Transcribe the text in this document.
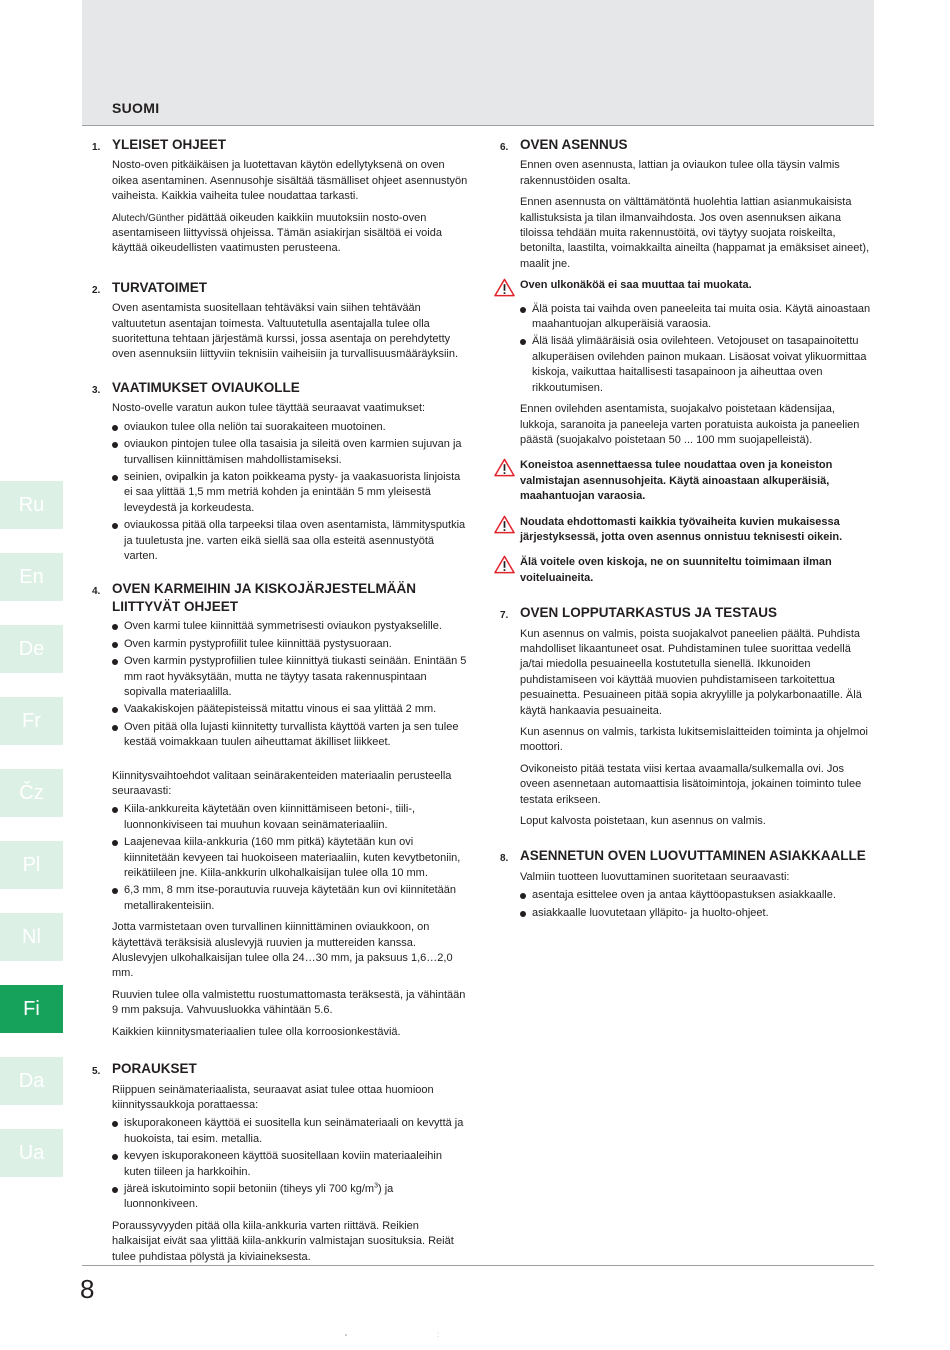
SUOMI
1. YLEISET OHJEET

Nosto-oven pitkäikäisen ja luotettavan käytön edellytyksenä on oven oikea asentaminen. Asennusohje sisältää täsmälliset ohjeet asennustyön vaiheista. Kaikkia vaiheita tulee noudattaa tarkasti.

Alutech/Günther pidättää oikeuden kaikkiin muutoksiin nosto-oven asentamiseen liittyvissä ohjeissa. Tämän asiakirjan sisältöä ei voida käyttää oikeudellisten vaatimusten perusteena.

2. TURVATOIMET

Oven asentamista suositellaan tehtäväksi vain siihen tehtävään valtuutetun asentajan toimesta. Valtuutetulla asentajalla tulee olla suoritettuna tehtaan järjestämä kurssi, jossa asentaja on perehdytetty oven asennuksiin liittyviin teknisiin vaiheisiin ja turvallisuusmääräyksiin.

3. VAATIMUKSET OVIAUKOLLE

Nosto-ovelle varatun aukon tulee täyttää seuraavat vaatimukset:

oviaukon tulee olla neliön tai suorakaiteen muotoinen.
oviaukon pintojen tulee olla tasaisia ja sileitä oven karmien sujuvan ja turvallisen kiinnittämisen mahdollistamiseksi.
seinien, ovipalkin ja katon poikkeama pysty- ja vaakasuorista linjoista ei saa ylittää 1,5 mm metriä kohden ja enintään 5 mm yleisestä leveydestä ja korkeudesta.
oviaukossa pitää olla tarpeeksi tilaa oven asentamista, lämmitysputkia ja tuuletusta jne. varten eikä siellä saa olla esteitä asennustyötä varten.
4. OVEN KARMEIHIN JA KISKOJÄRJESTELMÄÄN LIITTYVÄT OHJEET
Oven karmi tulee kiinnittää symmetrisesti oviaukon pystyakselille.
Oven karmin pystyprofiilit tulee kiinnittää pystysuoraan.
Oven karmin pystyprofiilien tulee kiinnittyä tiukasti seinään. Enintään 5 mm raot hyväksytään, mutta ne täytyy tasata rakennuspintaan sopivalla materiaalilla.
Vaakakiskojen päätepisteissä mitattu vinous ei saa ylittää 2 mm.
Oven pitää olla lujasti kiinnitetty turvallista käyttöä varten ja sen tulee kestää voimakkaan tuulen aiheuttamat äkilliset liikkeet.

Kiinnitysvaihtoehdot valitaan seinärakenteiden materiaalin perusteella seuraavasti:

Kiila-ankkureita käytetään oven kiinnittämiseen betoni-, tiili-, luonnonkiviseen tai muuhun kovaan seinämateriaaliin.
Laajenevaa kiila-ankkuria (160 mm pitkä) käytetään kun ovi kiinnitetään kevyeen tai huokoiseen materiaaliin, kuten kevytbetoniin, reikätiileen jne. Kiila-ankkurin ulkohalkaisijan tulee olla 10 mm.
6,3 mm, 8 mm itse-porautuvia ruuveja käytetään kun ovi kiinnitetään metallirakenteisiin.

Jotta varmistetaan oven turvallinen kiinnittäminen oviaukkoon, on käytettävä teräksisiä aluslevyjä ruuvien ja muttereiden kanssa. Aluslevyjen ulkohalkaisijan tulee olla 24…30 mm, ja paksuus 1,6…2,0 mm.

Ruuvien tulee olla valmistettu ruostumattomasta teräksestä, ja vähintään 9 mm paksuja. Vahvuusluokka vähintään 5.6.

Kaikkien kiinnitysmateriaalien tulee olla korroosionkestäviä.

5. PORAUKSET

Riippuen seinämateriaalista, seuraavat asiat tulee ottaa huomioon kiinnityssaukkoja porattaessa:

iskuporakoneen käyttöä ei suositella kun seinämateriaali on kevyttä ja huokoista, tai esim. metallia.
kevyen iskuporakoneen käyttöä suositellaan koviin materiaaleihin kuten tiileen ja harkkoihin.
järeä iskutoiminto sopii betoniin (tiheys yli 700 $kg/m^3$) ja luonnonkiveen.

Poraussyvyyden pitää olla kiila-ankkuria varten riittävä. Reikien halkaisijat eivät saa ylittää kiila-ankkurin valmistajan suosituksia. Reiät tulee puhdistaa pölystä ja kiviaineksesta.

6. OVEN ASENNUS

Ennen oven asennusta, lattian ja oviaukon tulee olla täysin valmis rakennustöiden osalta.

Ennen asennusta on välttämätöntä huolehtia lattian asianmukaisista kallistuksista ja tilan ilmanvaihdosta. Jos oven asennuksen aikana tiloissa tehdään muita rakennustöitä, ovi täytyy suojata roiskeilta, betonilta, laastilta, voimakkailta aineilta (happamat ja emäksiset aineet), maalit jne.

Oven ulkonäköä ei saa muuttaa tai muokata.
Älä poista tai vaihda oven paneeleita tai muita osia. Käytä ainoastaan maahantuojan alkuperäisiä varaosia.
Älä lisää ylimääräisiä osia ovilehteen. Vetojouset on tasapainoitettu alkuperäisen ovilehden painon mukaan. Lisäosat voivat ylikuormittaa kiskoja, vaikuttaa haitallisesti tasapainoon ja aiheuttaa oven rikkoutumisen.

Ennen ovilehden asentamista, suojakalvo poistetaan kädensijaa, lukkoja, saranoita ja paneeleja varten poratuista aukoista ja paneelien päästä (suojakalvo poistetaan 50 ... 100 mm suojapelleistä).

Koneistoa asennettaessa tulee noudattaa oven ja koneiston valmistajan asennusohjeita. Käytä ainoastaan alkuperäisiä, maahantuojan varaosia.
Noudata ehdottomasti kaikkia työvaiheita kuvien mukaisessa järjestyksessä, jotta oven asennus onnistuu teknisesti oikein.
Älä voitele oven kiskoja, ne on suunniteltu toimimaan ilman voiteluaineita.
7. OVEN LOPPUTARKASTUS JA TESTAUS

Kun asennus on valmis, poista suojakalvot paneelien päältä. Puhdista mahdolliset likaantuneet osat. Puhdistaminen tulee suorittaa vedellä ja/tai miedolla pesuaineella kostutetulla sienellä. Ikkunoiden puhdistamiseen voi käyttää muovien puhdistamiseen tarkoitettua pesuainetta. Pesuaineen pitää sopia akryylille ja polykarbonaatille. Älä käytä hankaavia pesuaineita.

Kun asennus on valmis, tarkista lukitsemislaitteiden toiminta ja ohjelmoi moottori.

Ovikoneisto pitää testata viisi kertaa avaamalla/sulkemalla ovi. Jos oveen asennetaan automaattisia lisätoimintoja, jokainen toiminto tulee testata erikseen.

Loput kalvosta poistetaan, kun asennus on valmis.

8. ASENNETUN OVEN LUOVUTTAMINEN ASIAKKAALLE

Valmiin tuotteen luovuttaminen suoritetaan seuraavasti:

asentaja esittelee oven ja antaa käyttöopastuksen asiakkaalle.
asiakkaalle luovutetaan ylläpito- ja huolto-ohjeet.
Ru
En
De
Fr
Čz
Pl
Nl
Fi
Da
Ua
8
:
